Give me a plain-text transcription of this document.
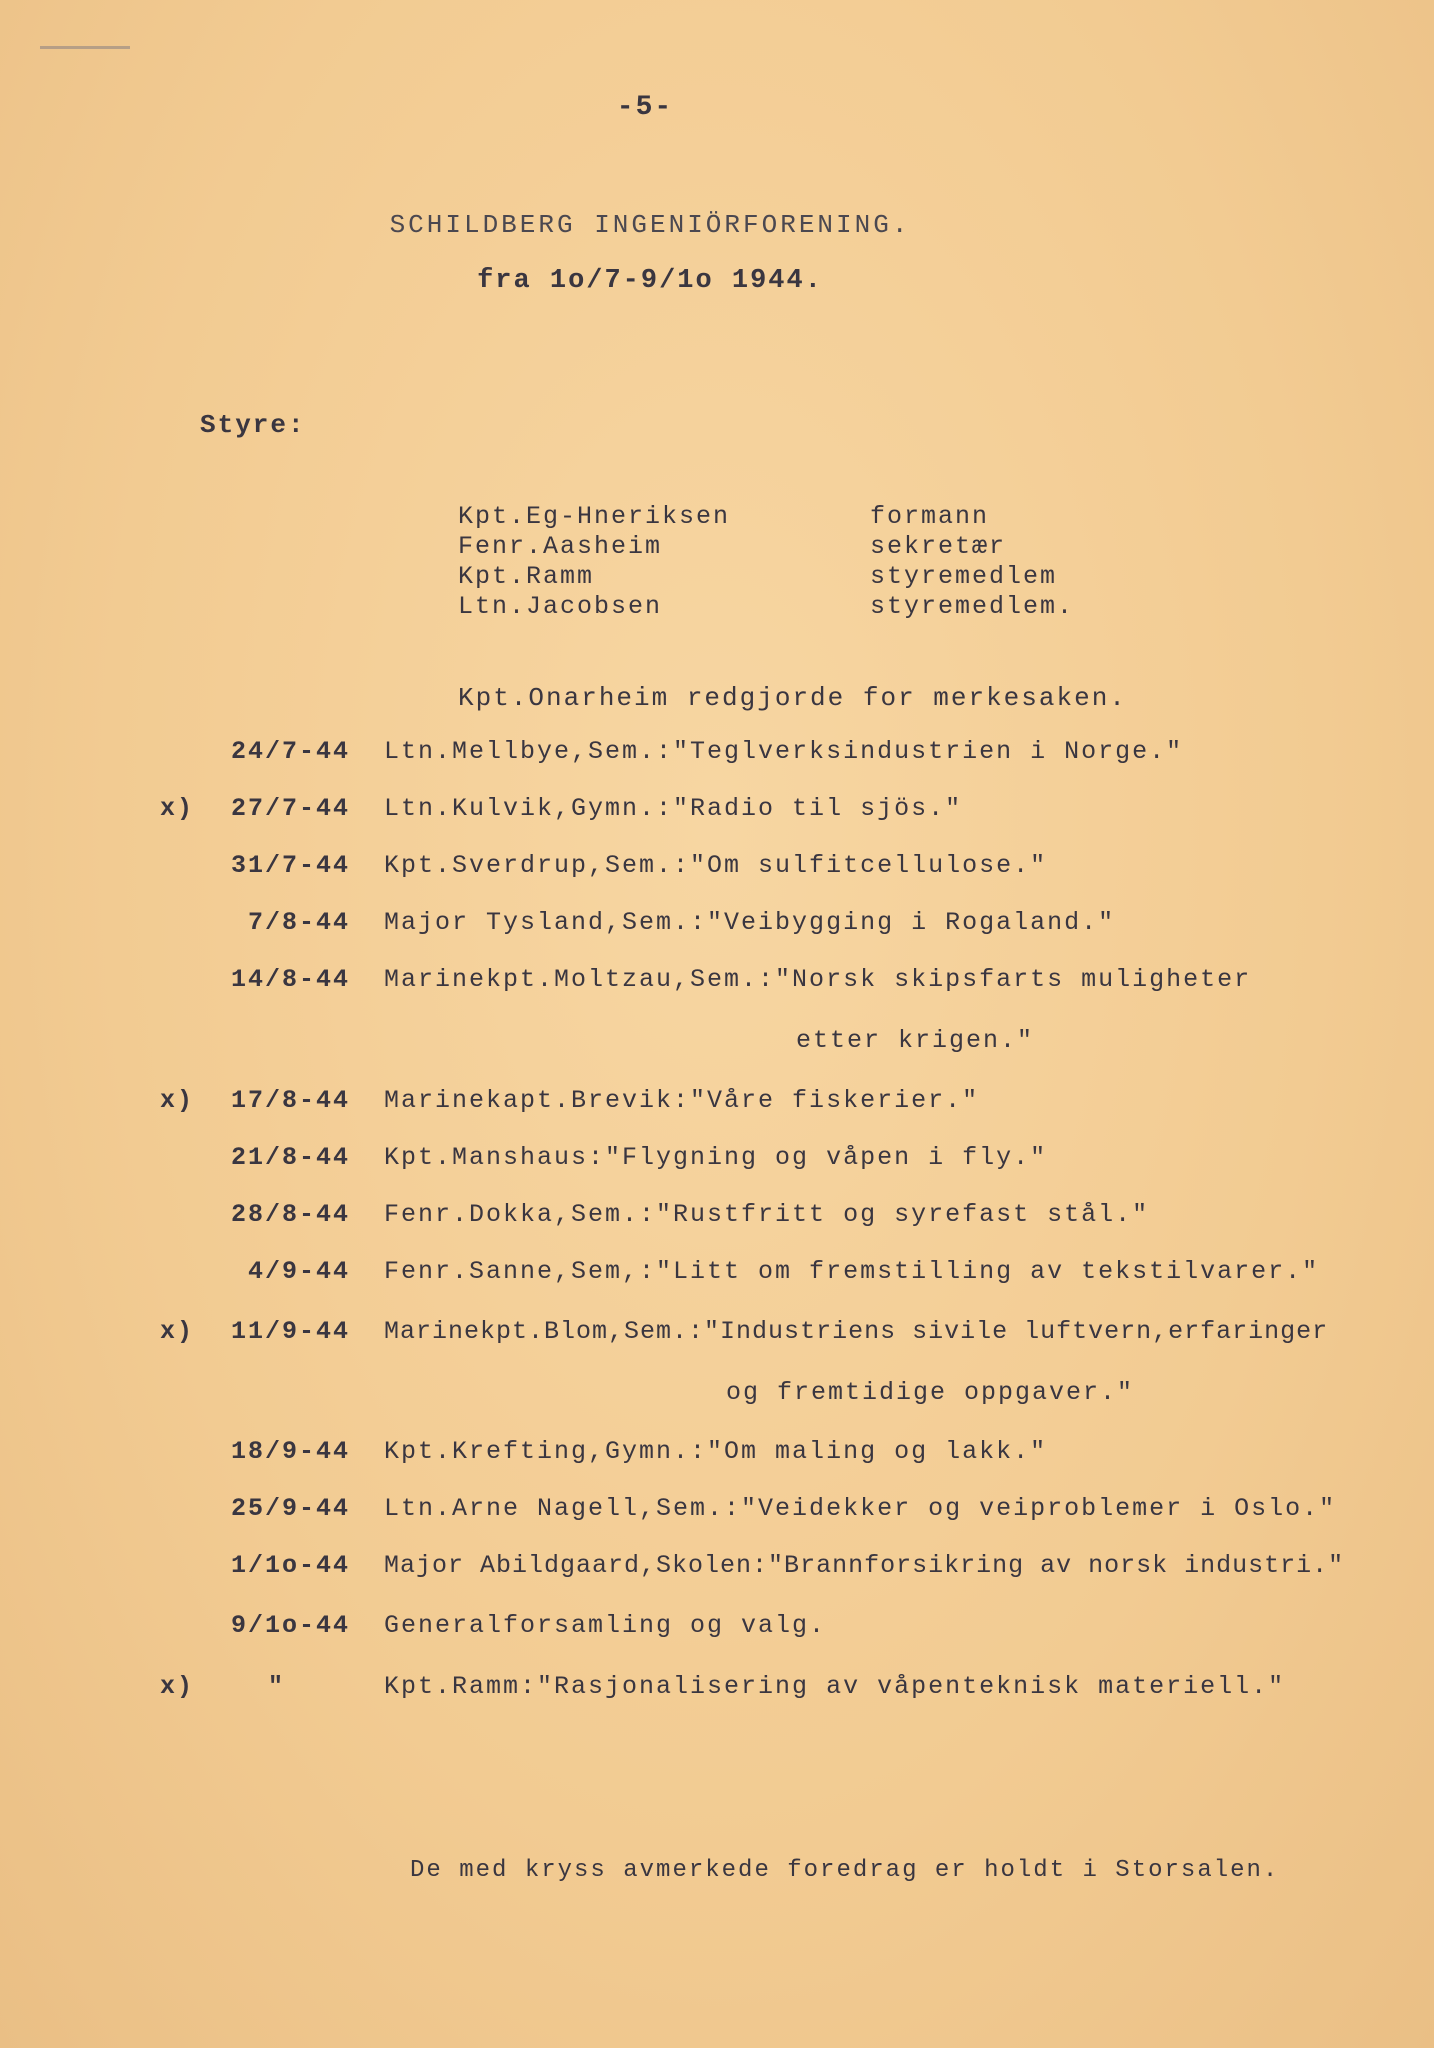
-5-
SCHILDBERG INGENIÖRFORENING.
fra 1o/7-9/1o 1944.
Styre:
Kpt.Eg-Hneriksen	formann
Fenr.Aasheim	sekretær
Kpt.Ramm	styremedlem
Ltn.Jacobsen	styremedlem.
Kpt.Onarheim redgjorde for merkesaken.
24/7-44 Ltn.Mellbye,Sem.:"Teglverksindustrien i Norge."
x)	27/7-44 Ltn.Kulvik,Gymn.:"Radio til sjös."
31/7-44 Kpt.Sverdrup,Sem.:"Om sulfitcellulose."
7/8-44 Major Tysland,Sem.:"Veibygging i Rogaland."
14/8-44 Marinekpt.Moltzau,Sem.:"Norsk skipsfarts muligheter
etter krigen."
x)	17/8-44 Marinekapt.Brevik:"Våre fiskerier."
21/8-44 Kpt.Manshaus:"Flygning og våpen i fly."
28/8-44 Fenr.Dokka,Sem.:"Rustfritt og syrefast stål."
4/9-44 Fenr.Sanne,Sem,:"Litt om fremstilling av tekstilvarer."
x)	11/9-44 Marinekpt.Blom,Sem.:"Industriens sivile luftvern,erfaringer
og fremtidige oppgaver."
18/9-44 Kpt.Krefting,Gymn.:"Om maling og lakk."
25/9-44 Ltn.Arne Nagell,Sem.:"Veidekker og veiproblemer i Oslo."
1/1o-44 Major Abildgaard,Skolen:"Brannforsikring av norsk industri."
9/1o-44 Generalforsamling og valg.
x)	"	Kpt.Ramm:"Rasjonalisering av våpenteknisk materiell."
De med kryss avmerkede foredrag er holdt i Storsalen.
